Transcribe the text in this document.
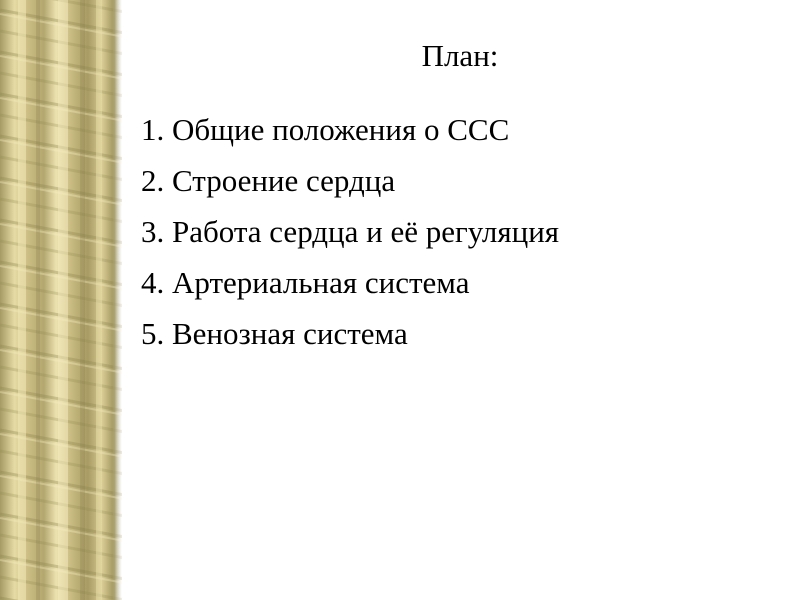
План:
1. Общие положения о ССС
2. Строение сердца
3. Работа сердца и её регуляция
4. Артериальная система
5. Венозная система
